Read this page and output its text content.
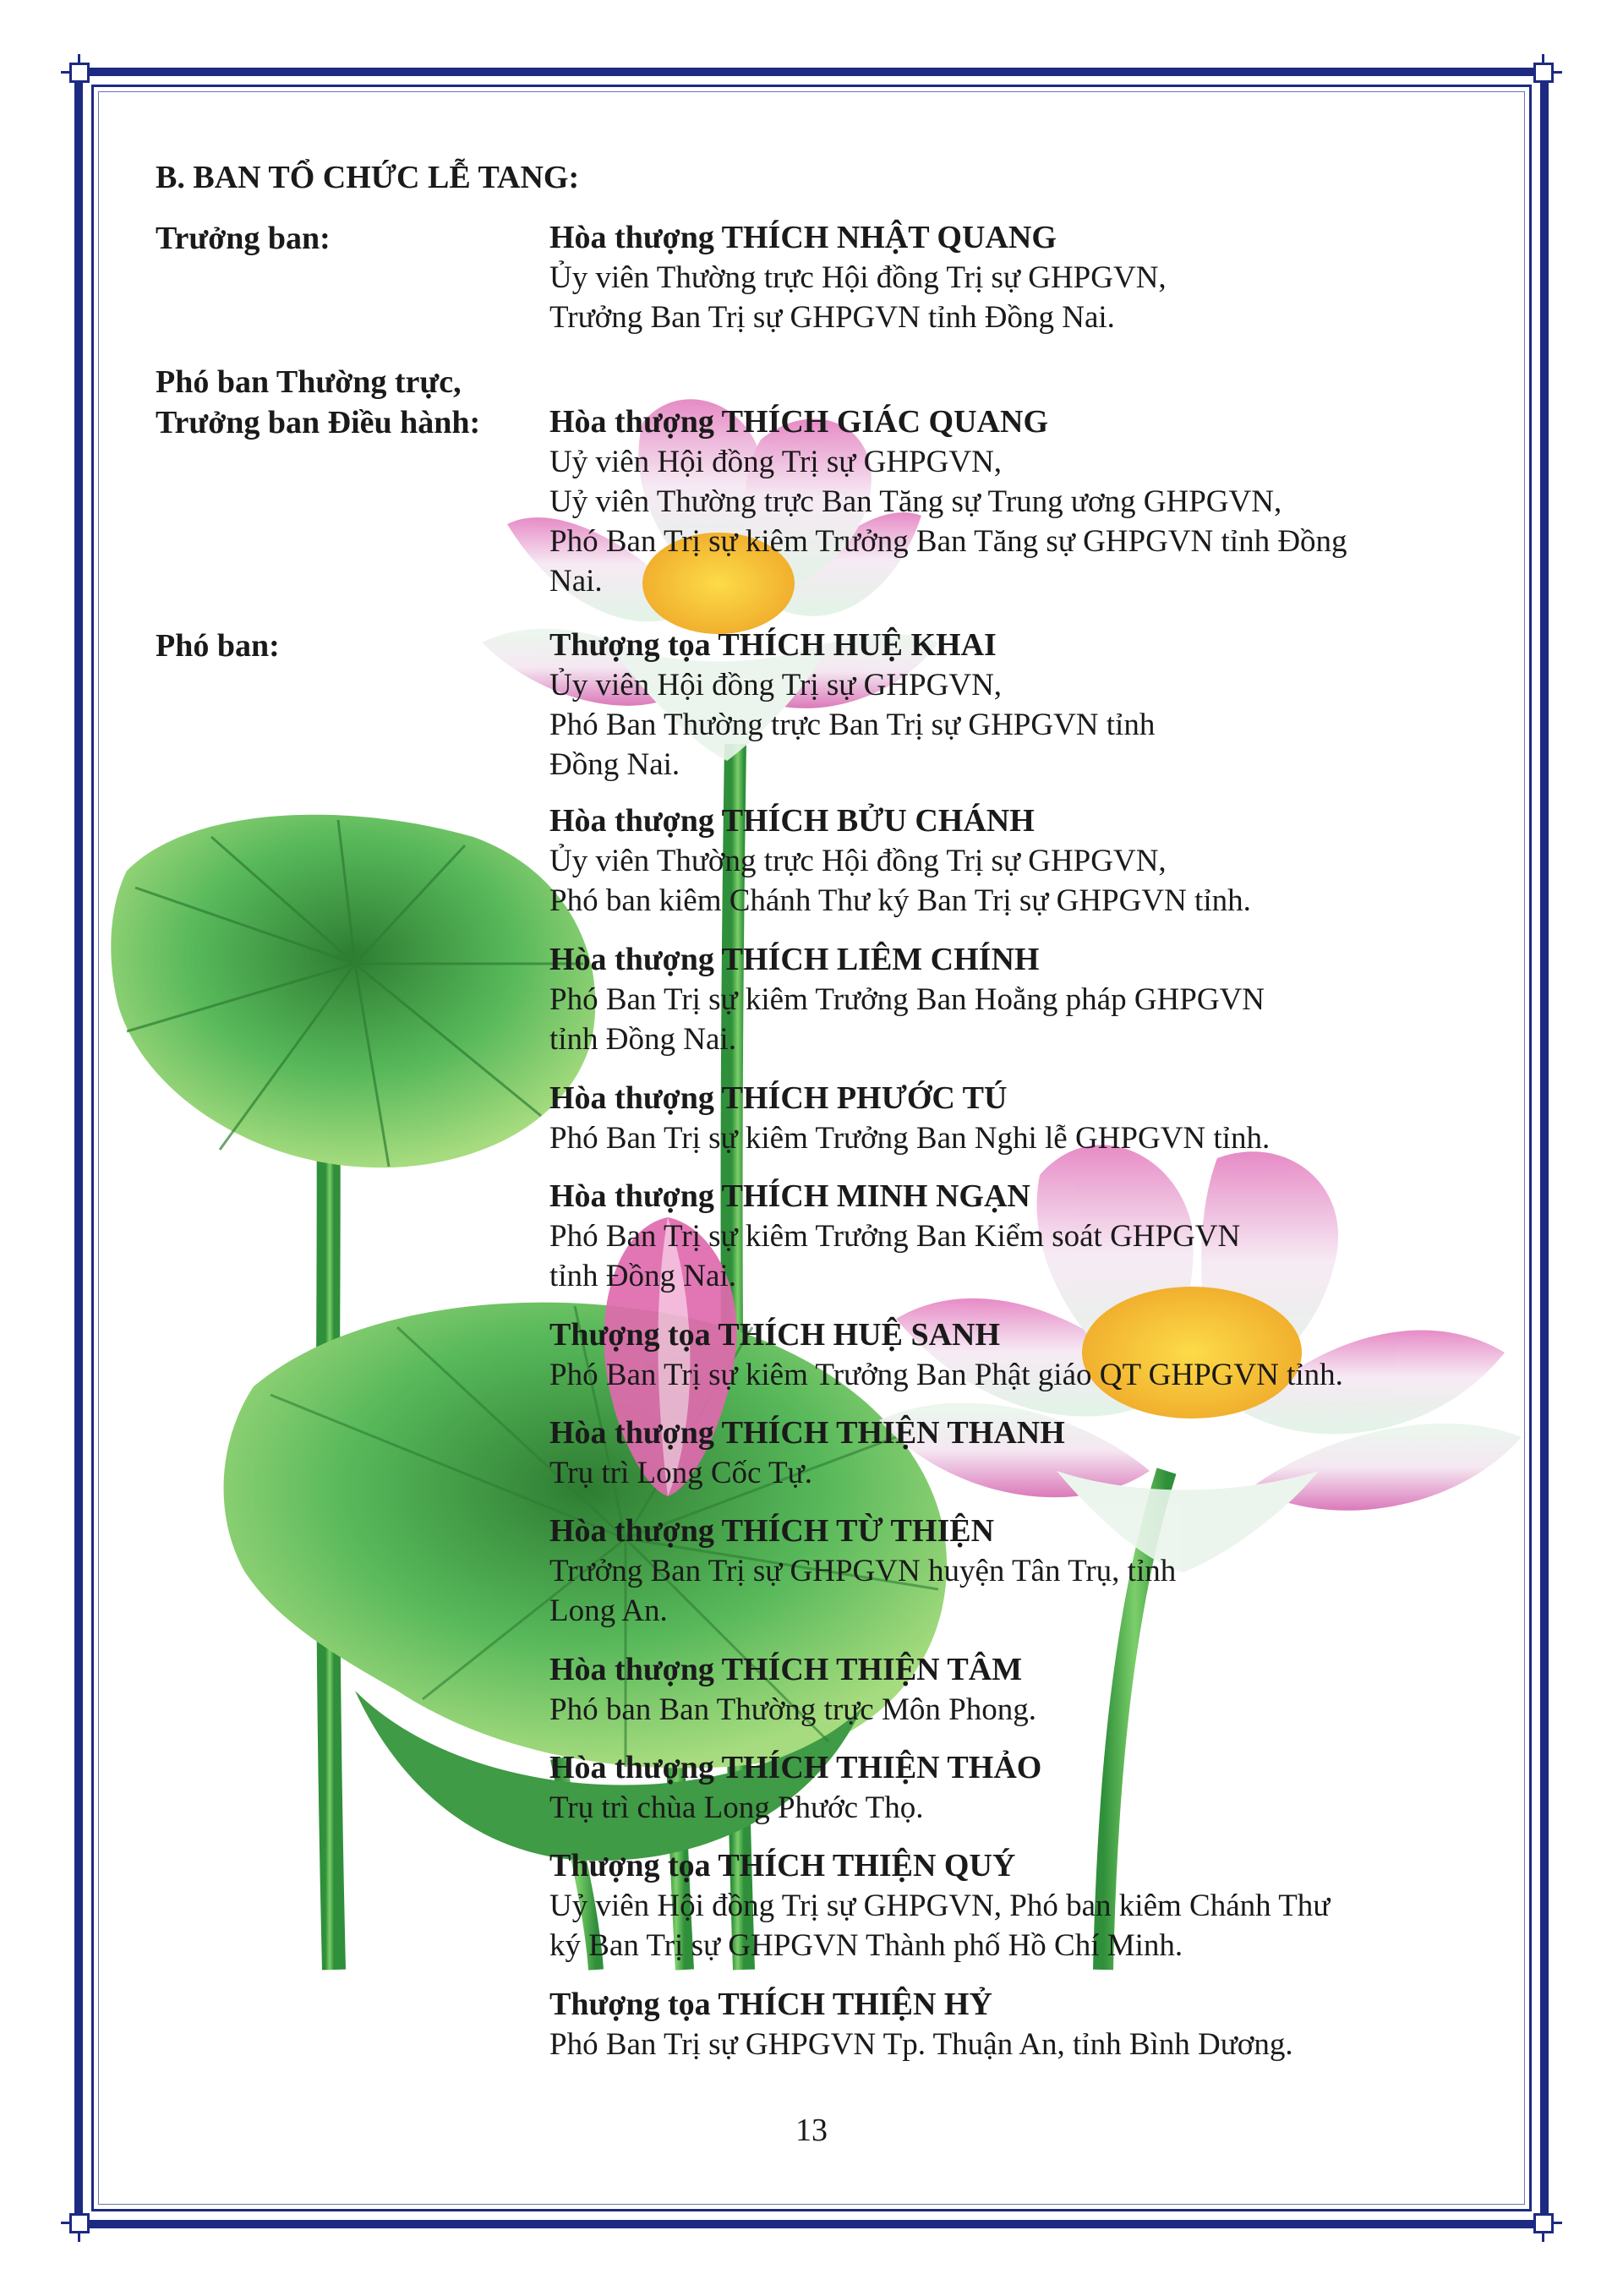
B. BAN TỔ CHỨC LỄ TANG:
Trưởng ban:
Phó ban Thường trực,
Trưởng ban Điều hành:
Phó ban:
Hòa thượng THÍCH NHẬT QUANG
Ủy viên Thường trực Hội đồng Trị sự GHPGVN,
Trưởng Ban Trị sự GHPGVN tỉnh Đồng Nai.
Hòa thượng THÍCH GIÁC QUANG
Uỷ viên Hội đồng Trị sự GHPGVN,
Uỷ viên Thường trực Ban Tăng sự Trung ương GHPGVN,
Phó Ban Trị sự kiêm Trưởng Ban Tăng sự GHPGVN tỉnh Đồng
Nai.
Thượng tọa THÍCH HUỆ KHAI
Ủy viên Hội đồng Trị sự GHPGVN,
Phó Ban Thường trực Ban Trị sự GHPGVN tỉnh
Đồng Nai.
Hòa thượng THÍCH BỬU CHÁNH
Ủy viên Thường trực Hội đồng Trị sự GHPGVN,
Phó ban kiêm Chánh Thư ký Ban Trị sự GHPGVN tỉnh.
Hòa thượng THÍCH LIÊM CHÍNH
Phó Ban Trị sự kiêm Trưởng Ban Hoằng pháp GHPGVN
tỉnh Đồng Nai.
Hòa thượng THÍCH PHƯỚC TÚ
Phó Ban Trị sự kiêm Trưởng Ban Nghi lễ GHPGVN tỉnh.
Hòa thượng THÍCH MINH NGẠN
Phó Ban Trị sự kiêm Trưởng Ban Kiểm soát GHPGVN
tỉnh Đồng Nai.
Thượng tọa THÍCH HUỆ SANH
Phó Ban Trị sự kiêm Trưởng Ban Phật giáo QT GHPGVN tỉnh.
Hòa thượng THÍCH THIỆN THANH
Trụ trì Long Cốc Tự.
Hòa thượng THÍCH TỪ THIỆN
Trưởng Ban Trị sự GHPGVN huyện Tân Trụ, tỉnh
Long An.
Hòa thượng THÍCH THIỆN TÂM
Phó ban Ban Thường trực Môn Phong.
Hòa thượng THÍCH THIỆN THẢO
Trụ trì chùa Long Phước Thọ.
Thượng tọa THÍCH THIỆN QUÝ
Uỷ viên Hội đồng Trị sự GHPGVN, Phó ban kiêm Chánh Thư
ký Ban Trị sự GHPGVN Thành phố Hồ Chí Minh.
Thượng tọa THÍCH THIỆN HỶ
Phó Ban Trị sự GHPGVN Tp. Thuận An, tỉnh Bình Dương.
13
